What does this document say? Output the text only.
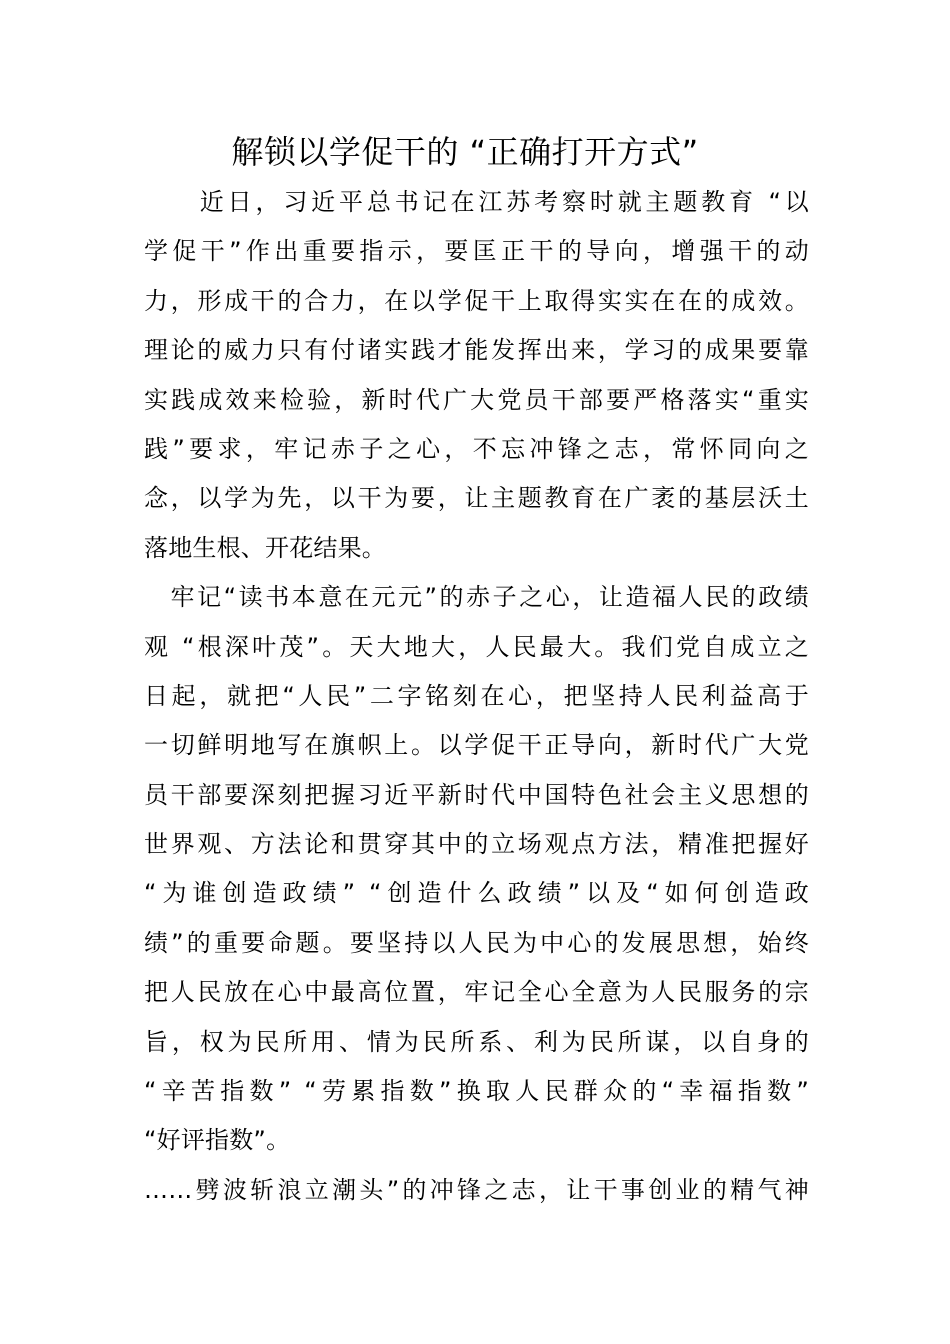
解锁以学促干的 “正确打开方式”
　　近日，习近平总书记在江苏考察时就主题教育 “以
学促干”作出重要指示，要匡正干的导向，增强干的动
力，形成干的合力，在以学促干上取得实实在在的成效。
理论的威力只有付诸实践才能发挥出来，学习的成果要靠
实践成效来检验，新时代广大党员干部要严格落实“重实
践”要求，牢记赤子之心，不忘冲锋之志，常怀同向之
念，以学为先，以干为要，让主题教育在广袤的基层沃土
落地生根、开花结果。
　牢记“读书本意在元元”的赤子之心，让造福人民的政绩
观 “根深叶茂”。天大地大，人民最大。我们党自成立之
日起，就把“人民”二字铭刻在心，把坚持人民利益高于
一切鲜明地写在旗帜上。以学促干正导向，新时代广大党
员干部要深刻把握习近平新时代中国特色社会主义思想的
世界观、方法论和贯穿其中的立场观点方法，精准把握好
“为谁创造政绩” “创造什么政绩”以及“如何创造政
绩”的重要命题。要坚持以人民为中心的发展思想，始终
把人民放在心中最高位置，牢记全心全意为人民服务的宗
旨，权为民所用、情为民所系、利为民所谋，以自身的
“辛苦指数” “劳累指数”换取人民群众的“幸福指数”
“好评指数”。
……劈波斩浪立潮头”的冲锋之志，让干事创业的精气神
